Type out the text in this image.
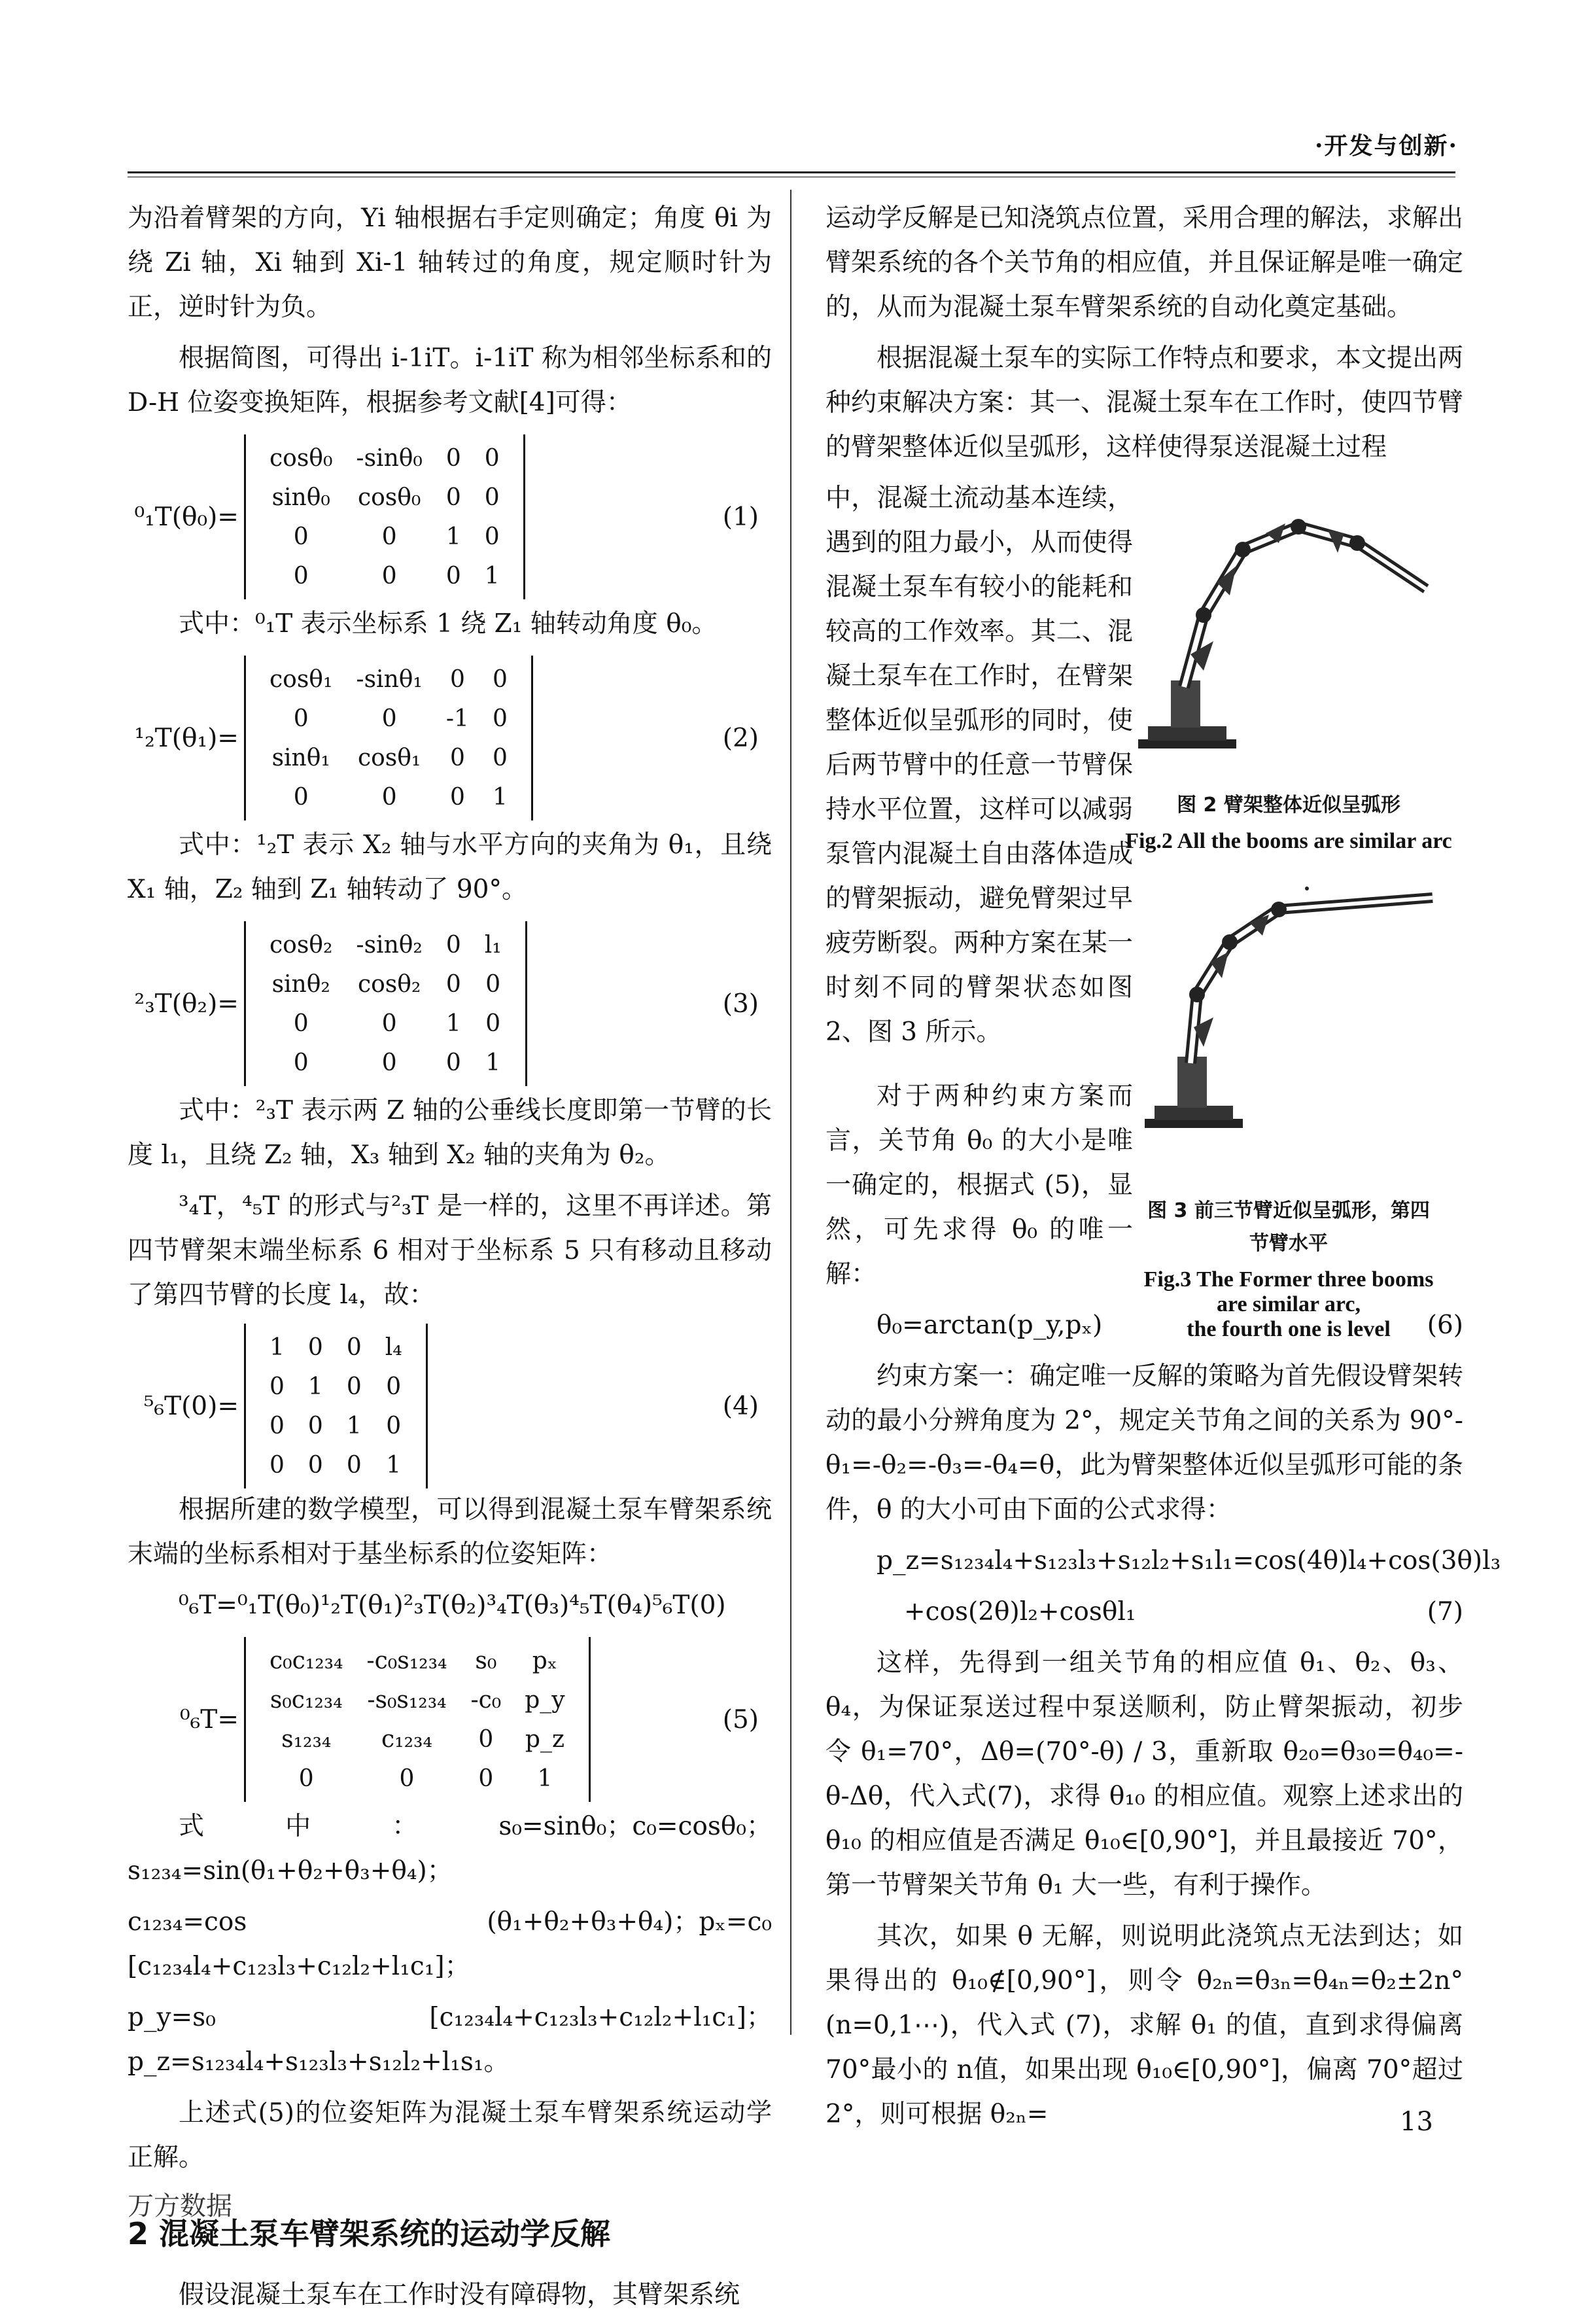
·开发与创新·

为沿着臂架的方向，Yi 轴根据右手定则确定；角度 θi 为绕 Zi 轴，Xi 轴到 Xi-1 轴转过的角度，规定顺时针为正，逆时针为负。

根据简图，可得出 i-1iT。i-1iT 称为相邻坐标系和的 D-H 位姿变换矩阵，根据参考文献[4]可得：

⁰₁T(θ₀)=
cosθ₀	-sinθ₀	0	0
sinθ₀	cosθ₀	0	0
0	0	1	0
0	0	0	1
(1)

式中：⁰₁T 表示坐标系 1 绕 Z₁ 轴转动角度 θ₀。

¹₂T(θ₁)=
cosθ₁	-sinθ₁	0	0
0	0	-1	0
sinθ₁	cosθ₁	0	0
0	0	0	1
(2)

式中：¹₂T 表示 X₂ 轴与水平方向的夹角为 θ₁，且绕 X₁ 轴，Z₂ 轴到 Z₁ 轴转动了 90°。

²₃T(θ₂)=
cosθ₂	-sinθ₂	0	l₁
sinθ₂	cosθ₂	0	0
0	0	1	0
0	0	0	1
(3)

式中：²₃T 表示两 Z 轴的公垂线长度即第一节臂的长度 l₁，且绕 Z₂ 轴，X₃ 轴到 X₂ 轴的夹角为 θ₂。

³₄T，⁴₅T 的形式与²₃T 是一样的，这里不再详述。第四节臂架末端坐标系 6 相对于坐标系 5 只有移动且移动了第四节臂的长度 l₄，故：

⁵₆T(0)=
1	0	0	l₄
0	1	0	0
0	0	1	0
0	0	0	1
(4)

根据所建的数学模型，可以得到混凝土泵车臂架系统末端的坐标系相对于基坐标系的位姿矩阵：

⁰₆T=⁰₁T(θ₀)¹₂T(θ₁)²₃T(θ₂)³₄T(θ₃)⁴₅T(θ₄)⁵₆T(0)

⁰₆T=
c₀c₁₂₃₄	-c₀s₁₂₃₄	s₀	pₓ
s₀c₁₂₃₄	-s₀s₁₂₃₄	-c₀	p_y
s₁₂₃₄	c₁₂₃₄	0	p_z
0	0	0	1
(5)

式中：s₀=sinθ₀；c₀=cosθ₀；s₁₂₃₄=sin(θ₁+θ₂+θ₃+θ₄)；

c₁₂₃₄=cos (θ₁+θ₂+θ₃+θ₄)；pₓ=c₀ [c₁₂₃₄l₄+c₁₂₃l₃+c₁₂l₂+l₁c₁]；

p_y=s₀ [c₁₂₃₄l₄+c₁₂₃l₃+c₁₂l₂+l₁c₁]；p_z=s₁₂₃₄l₄+s₁₂₃l₃+s₁₂l₂+l₁s₁。

上述式(5)的位姿矩阵为混凝土泵车臂架系统运动学正解。

2 混凝土泵车臂架系统的运动学反解

假设混凝土泵车在工作时没有障碍物，其臂架系统

运动学反解是已知浇筑点位置，采用合理的解法，求解出臂架系统的各个关节角的相应值，并且保证解是唯一确定的，从而为混凝土泵车臂架系统的自动化奠定基础。

根据混凝土泵车的实际工作特点和要求，本文提出两种约束解决方案：其一、混凝土泵车在工作时，使四节臂的臂架整体近似呈弧形，这样使得泵送混凝土过程

中，混凝土流动基本连续，遇到的阻力最小，从而使得混凝土泵车有较小的能耗和较高的工作效率。其二、混凝土泵车在工作时，在臂架整体近似呈弧形的同时，使后两节臂中的任意一节臂保持水平位置，这样可以减弱泵管内混凝土自由落体造成的臂架振动，避免臂架过早疲劳断裂。两种方案在某一时刻不同的臂架状态如图 2、图 3 所示。

对于两种约束方案而言，关节角 θ₀ 的大小是唯一确定的，根据式 (5)，显然，可先求得 θ₀ 的唯一解：

θ₀=arctan(p_y,pₓ)	(6)

约束方案一：确定唯一反解的策略为首先假设臂架转动的最小分辨角度为 2°，规定关节角之间的关系为 90°-θ₁=-θ₂=-θ₃=-θ₄=θ，此为臂架整体近似呈弧形可能的条件，θ 的大小可由下面的公式求得：

p_z=s₁₂₃₄l₄+s₁₂₃l₃+s₁₂l₂+s₁l₁=cos(4θ)l₄+cos(3θ)l₃

+cos(2θ)l₂+cosθl₁	(7)

这样，先得到一组关节角的相应值 θ₁、θ₂、θ₃、θ₄，为保证泵送过程中泵送顺利，防止臂架振动，初步令 θ₁=70°，Δθ=(70°-θ) / 3，重新取 θ₂₀=θ₃₀=θ₄₀=-θ-Δθ，代入式(7)，求得 θ₁₀ 的相应值。观察上述求出的 θ₁₀ 的相应值是否满足 θ₁₀∈[0,90°]，并且最接近 70°，第一节臂架关节角 θ₁ 大一些，有利于操作。

其次，如果 θ 无解，则说明此浇筑点无法到达；如果得出的 θ₁₀∉[0,90°]，则令 θ₂ₙ=θ₃ₙ=θ₄ₙ=θ₂±2n°(n=0,1⋯)，代入式 (7)，求解 θ₁ 的值，直到求得偏离 70°最小的 n值，如果出现 θ₁₀∈[0,90°]，偏离 70°超过 2°，则可根据 θ₂ₙ=

图 2 臂架整体近似呈弧形
Fig.2 All the booms are similar arc
图 3 前三节臂近似呈弧形，第四
节臂水平
Fig.3 The Former three booms
are similar arc,
the fourth one is level
13
万方数据
